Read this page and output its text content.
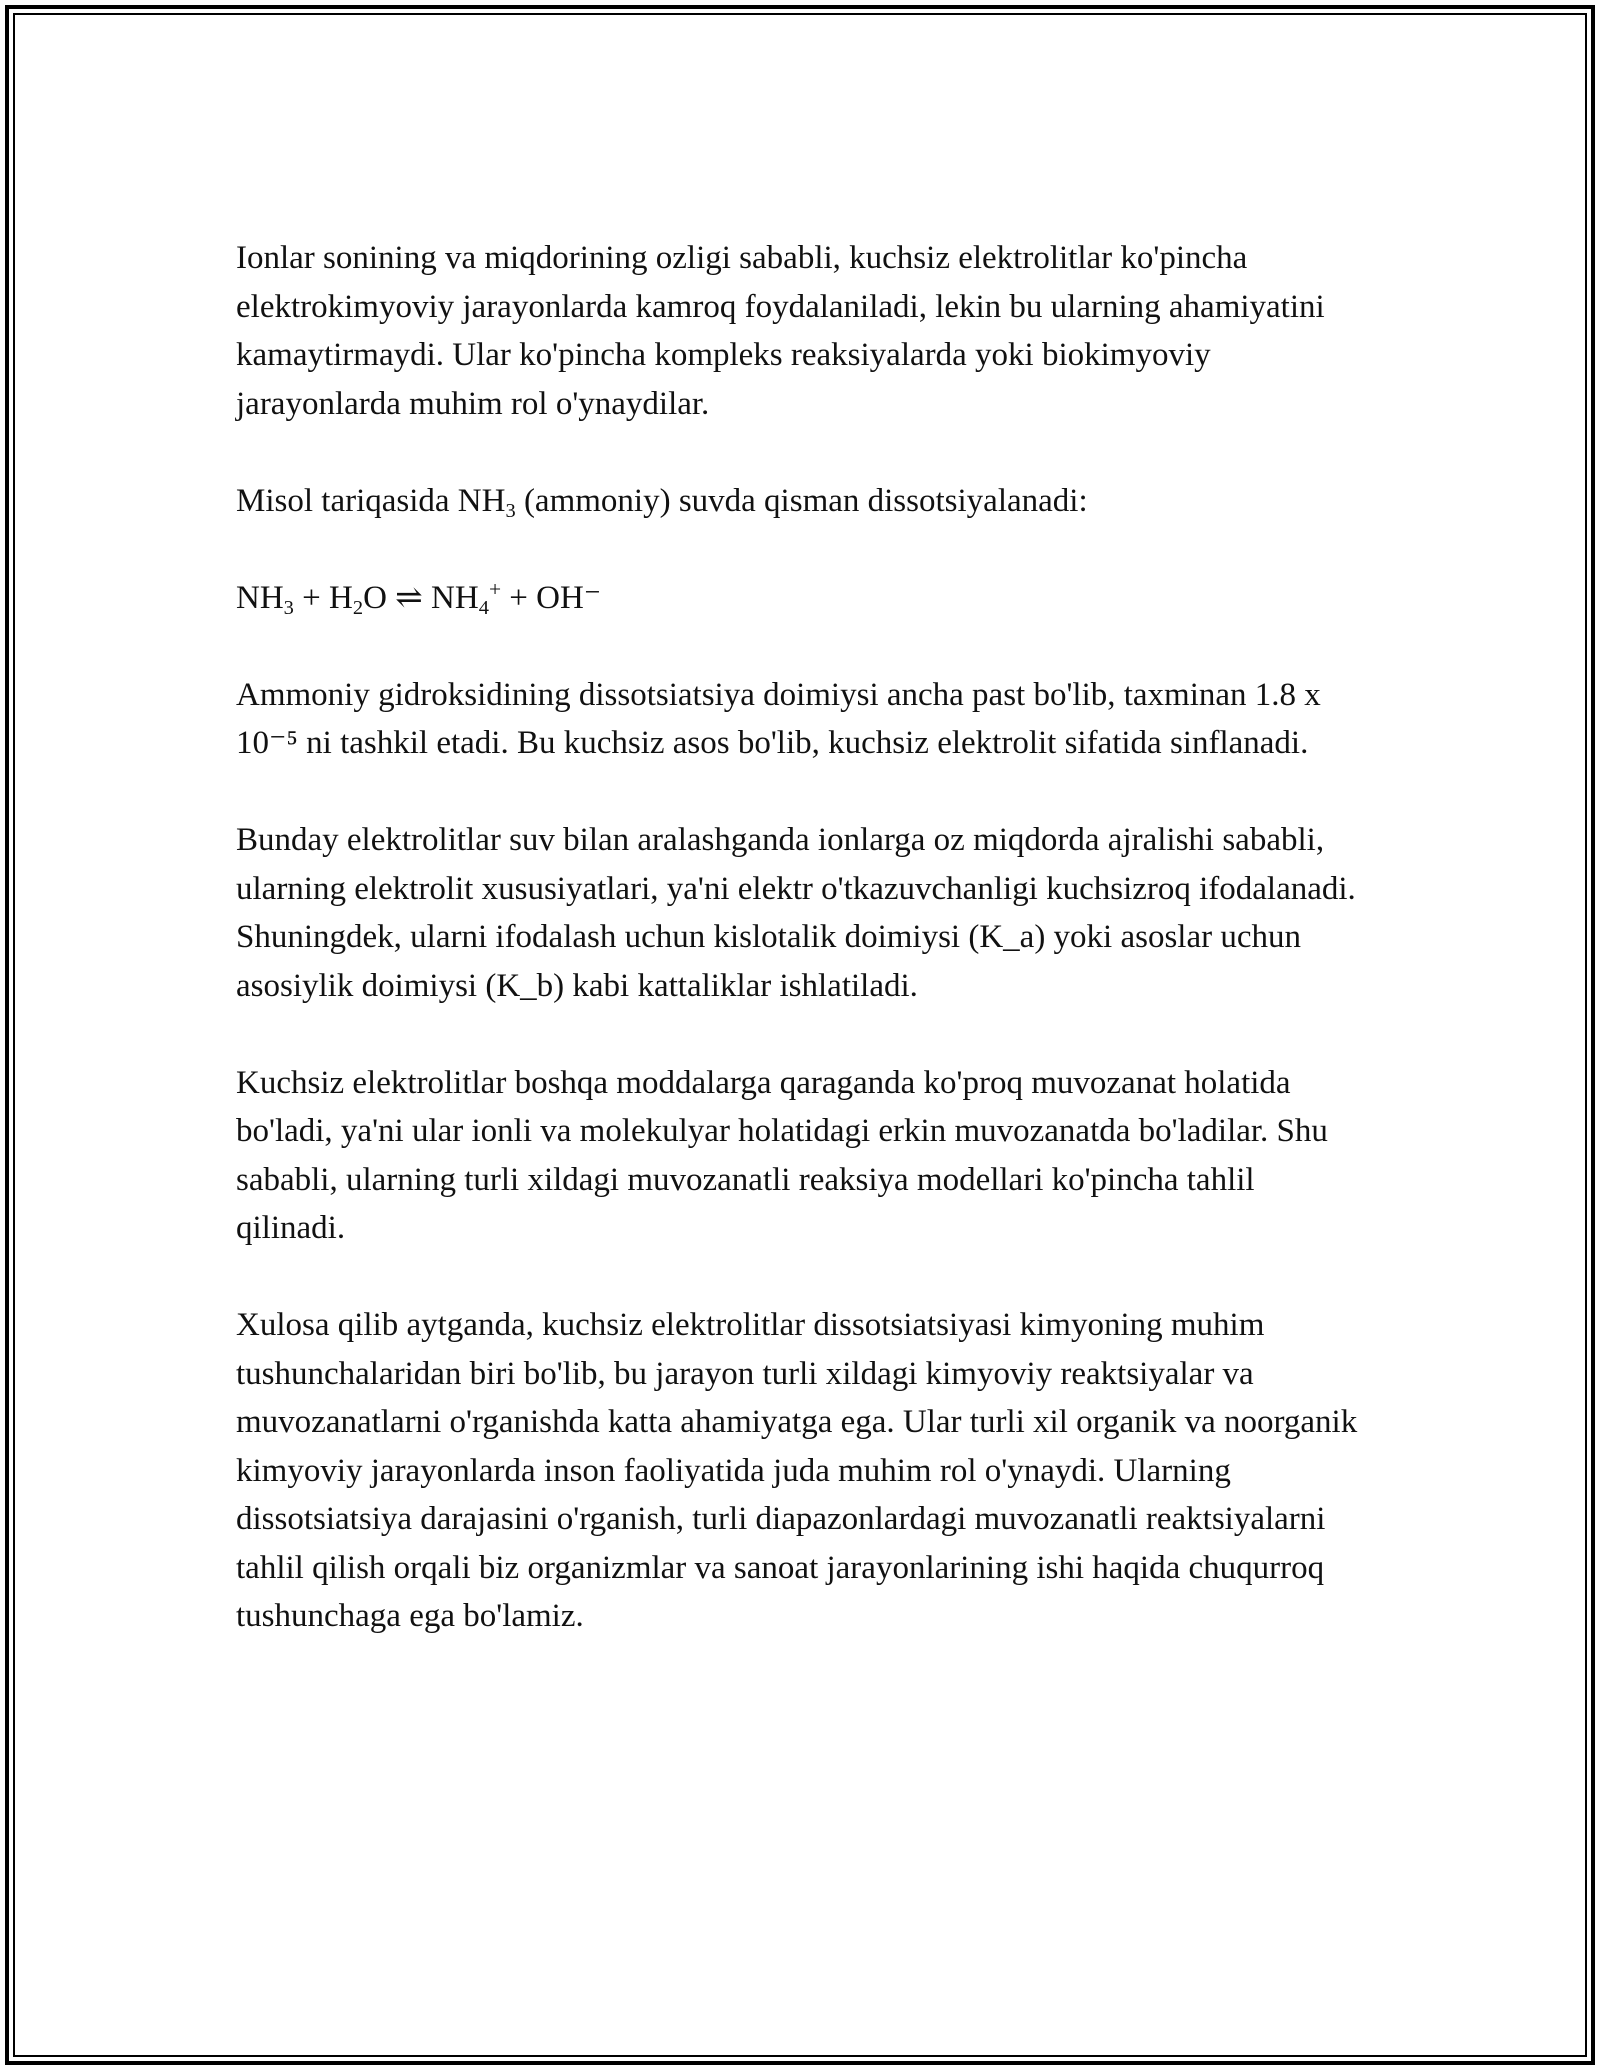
Ionlar sonining va miqdorining ozligi sababli, kuchsiz elektrolitlar ko'pincha elektrokimyoviy jarayonlarda kamroq foydalaniladi, lekin bu ularning ahamiyatini kamaytirmaydi. Ular ko'pincha kompleks reaksiyalarda yoki biokimyoviy jarayonlarda muhim rol o'ynaydilar.

Misol tariqasida $NH_3$ (ammoniy) suvda qisman dissotsiyalanadi:

$NH_3 + H_2O$ ⇌ $NH_4^+ + OH^-$

Ammoniy gidroksidining dissotsiatsiya doimiysi ancha past bo'lib, taxminan 1.8 x 10⁻⁵ ni tashkil etadi. Bu kuchsiz asos bo'lib, kuchsiz elektrolit sifatida sinflanadi.

Bunday elektrolitlar suv bilan aralashganda ionlarga oz miqdorda ajralishi sababli, ularning elektrolit xususiyatlari, ya'ni elektr o'tkazuvchanligi kuchsizroq ifodalanadi. Shuningdek, ularni ifodalash uchun kislotalik doimiysi (K_a) yoki asoslar uchun asosiylik doimiysi (K_b) kabi kattaliklar ishlatiladi.

Kuchsiz elektrolitlar boshqa moddalarga qaraganda ko'proq muvozanat holatida bo'ladi, ya'ni ular ionli va molekulyar holatidagi erkin muvozanatda bo'ladilar. Shu sababli, ularning turli xildagi muvozanatli reaksiya modellari ko'pincha tahlil qilinadi.

Xulosa qilib aytganda, kuchsiz elektrolitlar dissotsiatsiyasi kimyoning muhim tushunchalaridan biri bo'lib, bu jarayon turli xildagi kimyoviy reaktsiyalar va muvozanatlarni o'rganishda katta ahamiyatga ega. Ular turli xil organik va noorganik kimyoviy jarayonlarda inson faoliyatida juda muhim rol o'ynaydi. Ularning dissotsiatsiya darajasini o'rganish, turli diapazonlardagi muvozanatli reaktsiyalarni tahlil qilish orqali biz organizmlar va sanoat jarayonlarining ishi haqida chuqurroq tushunchaga ega bo'lamiz.
